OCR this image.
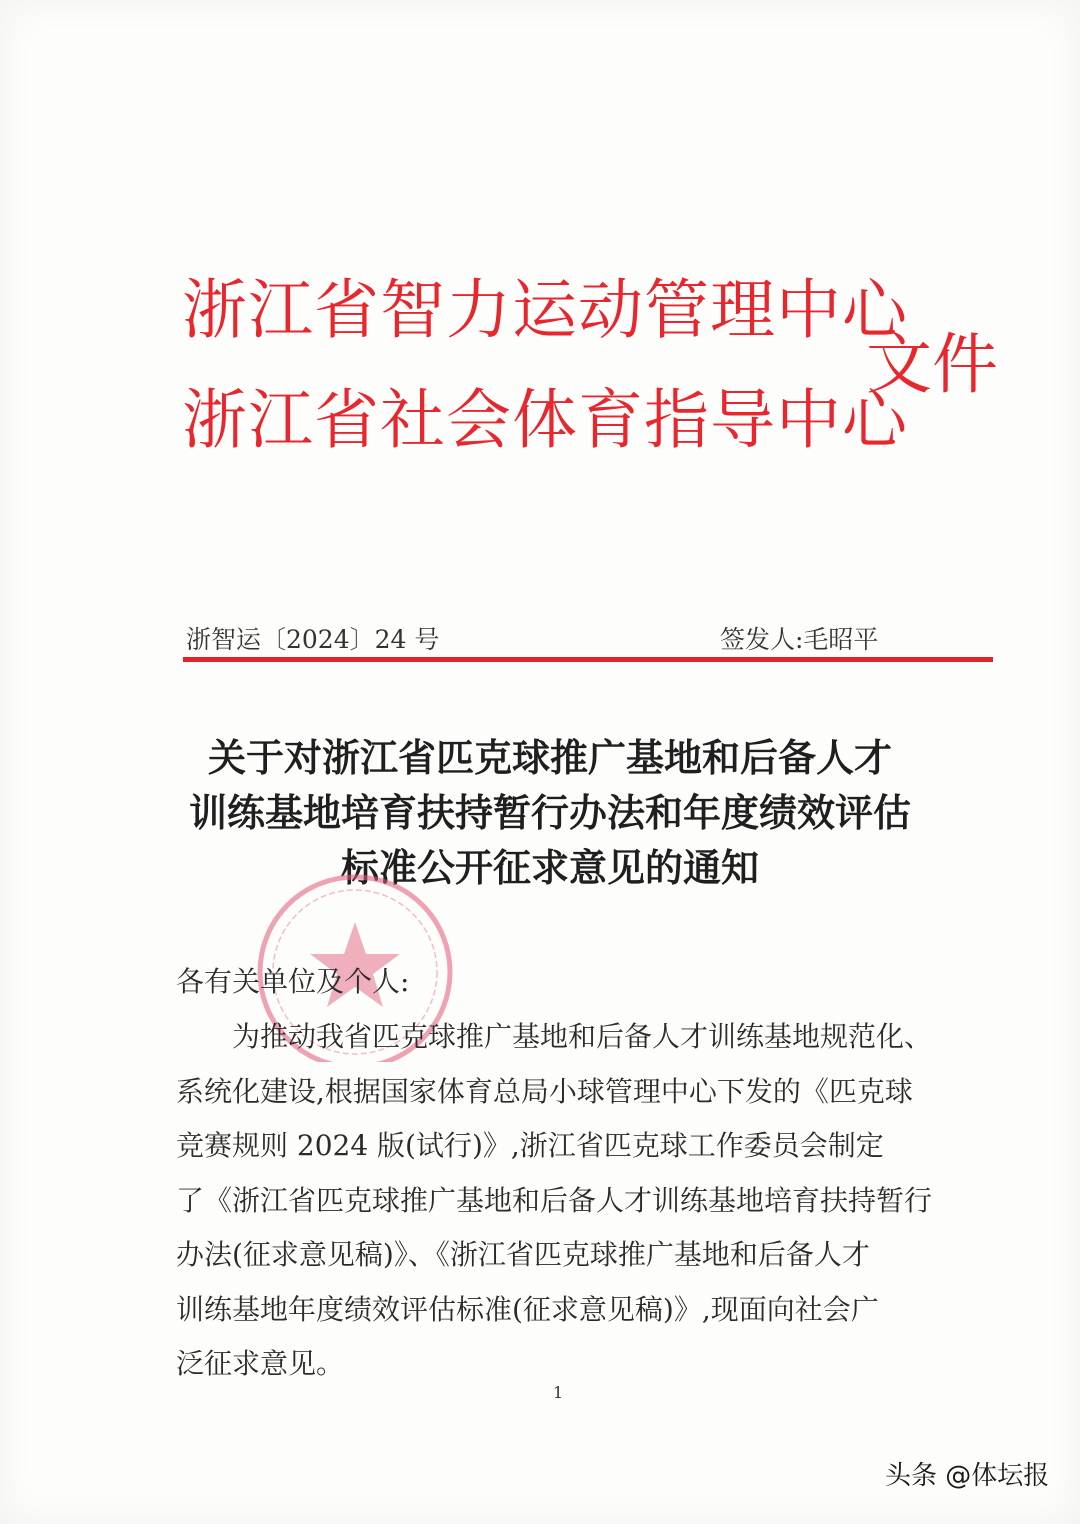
浙江省智力运动管理中心
浙江省社会体育指导中心
文件
浙智运〔2024〕24 号	签发人:毛昭平
关于对浙江省匹克球推广基地和后备人才
训练基地培育扶持暂行办法和年度绩效评估
标准公开征求意见的通知
各有关单位及个人:
为推动我省匹克球推广基地和后备人才训练基地规范化、
系统化建设,根据国家体育总局小球管理中心下发的《匹克球
竞赛规则 2024 版(试行)》,浙江省匹克球工作委员会制定
了《浙江省匹克球推广基地和后备人才训练基地培育扶持暂行
办法(征求意见稿)》、《浙江省匹克球推广基地和后备人才
训练基地年度绩效评估标准(征求意见稿)》,现面向社会广
泛征求意见。
1
头条 @体坛报
